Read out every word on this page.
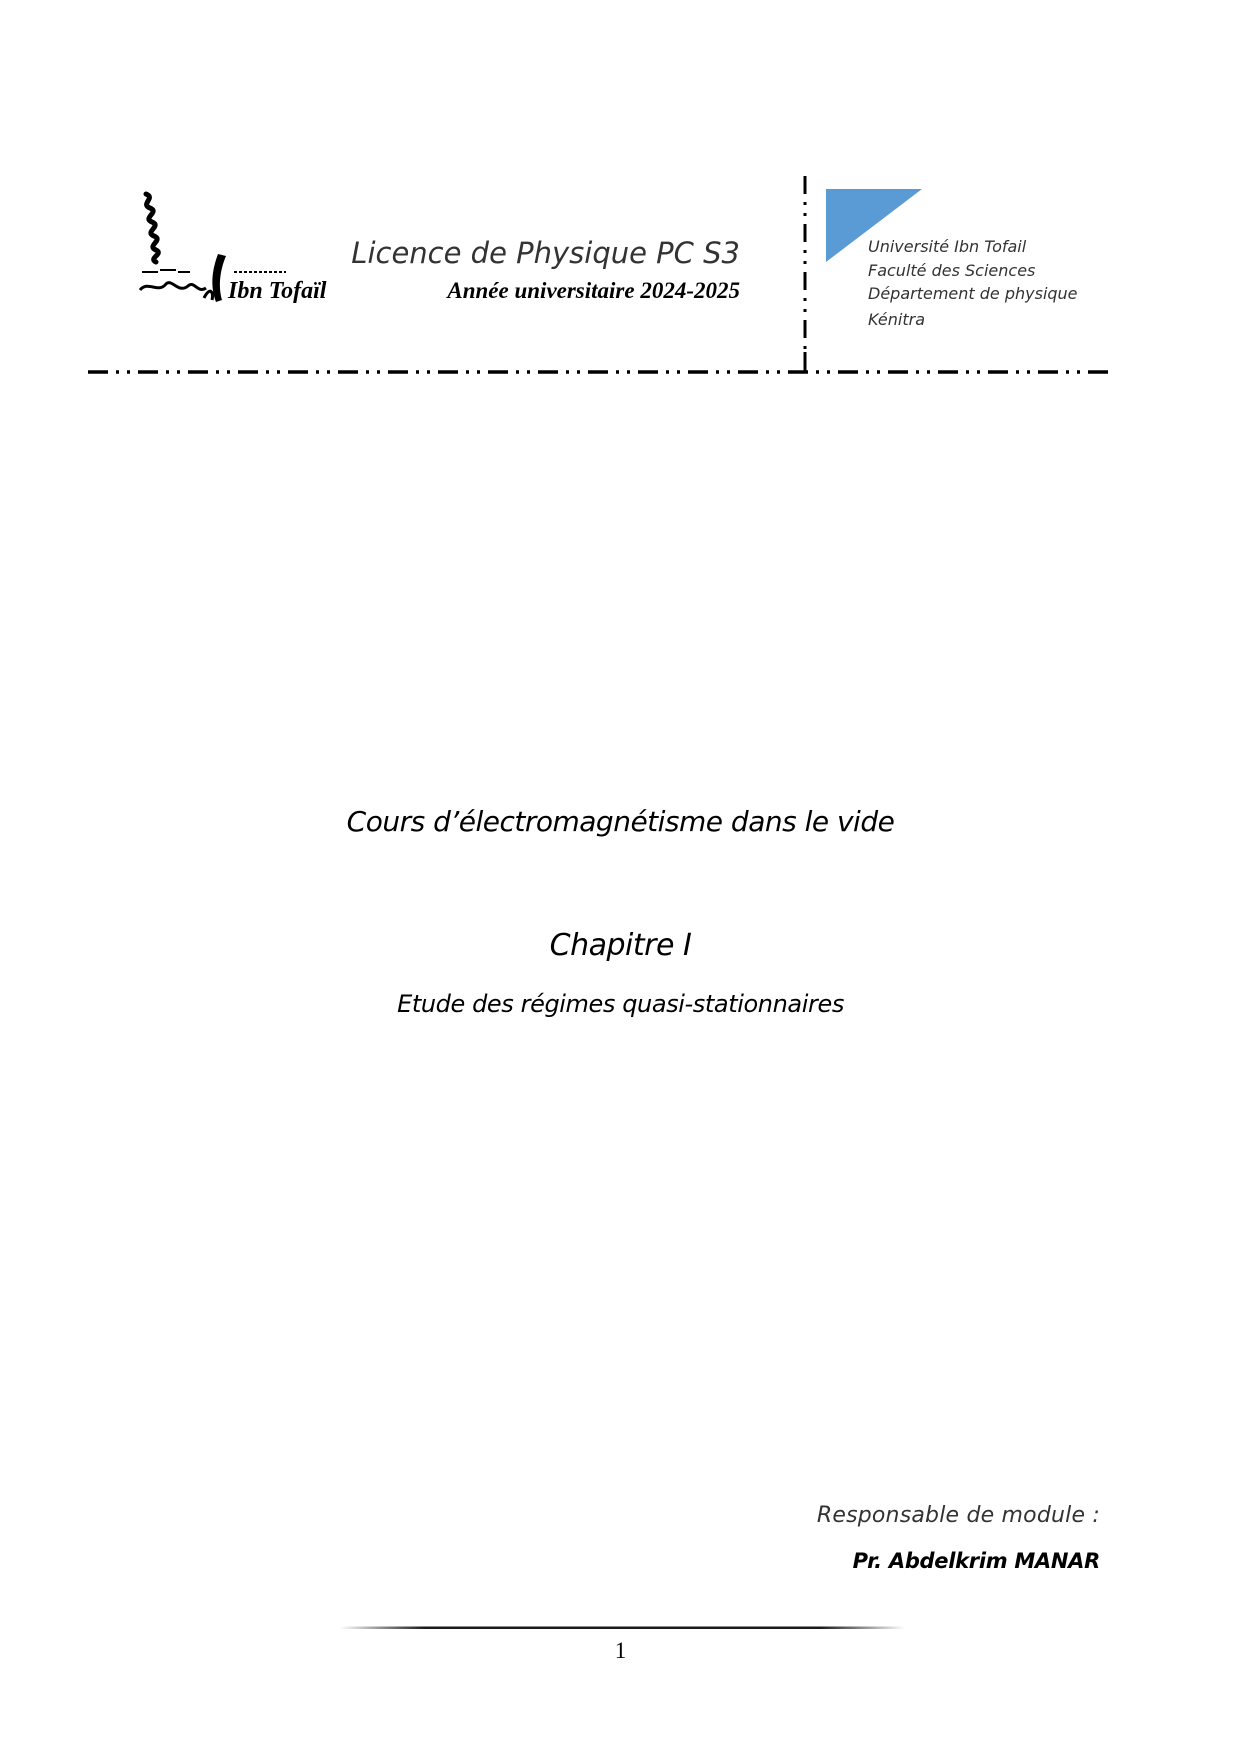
Ibn Tofaïl
Licence de Physique PC S3
Année universitaire 2024-2025
Université Ibn Tofail
Faculté des Sciences
Département de physique
Kénitra
Cours d’électromagnétisme dans le vide
Chapitre I
Etude des régimes quasi-stationnaires
Responsable de module :
Pr. Abdelkrim MANAR
1
